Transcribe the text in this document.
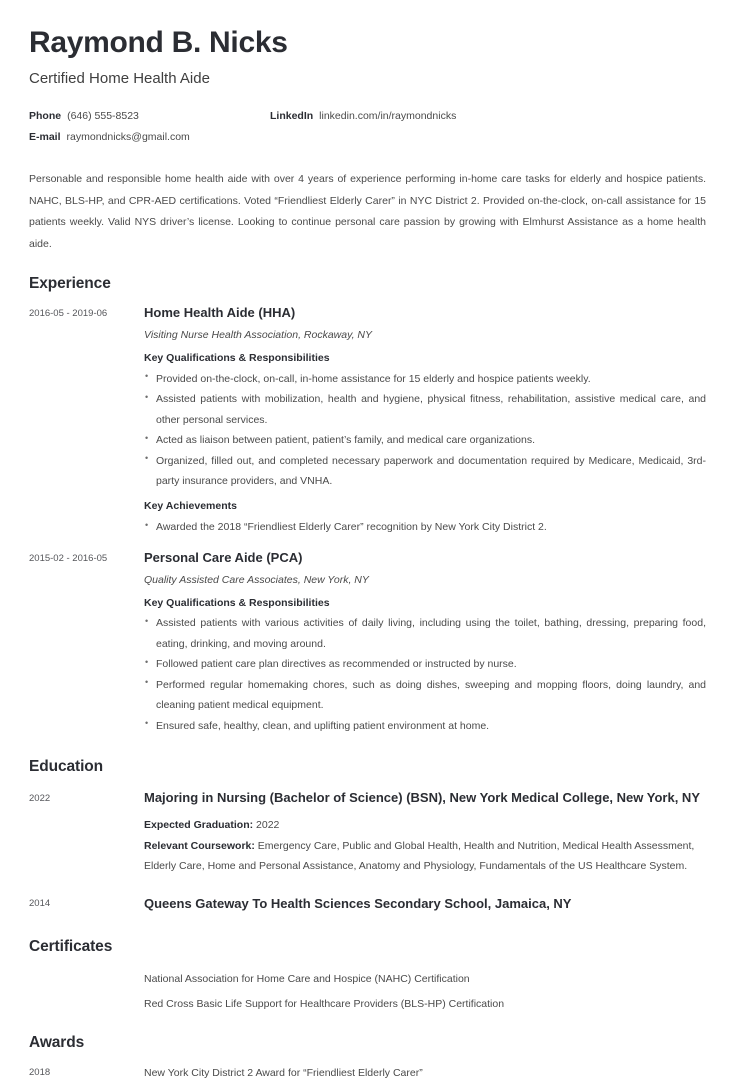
Raymond B. Nicks
Certified Home Health Aide
Phone (646) 555-8523	LinkedIn linkedin.com/in/raymondnicks
E-mail raymondnicks@gmail.com

Personable and responsible home health aide with over 4 years of experience performing in-home care tasks for elderly and hospice patients. NAHC, BLS-HP, and CPR-AED certifications. Voted “Friendliest Elderly Carer” in NYC District 2. Provided on-the-clock, on-call assistance for 15 patients weekly. Valid NYS driver’s license. Looking to continue personal care passion by growing with Elmhurst Assistance as a home health aide.

Experience
2016-05 - 2019-06	Home Health Aide (HHA)
Visiting Nurse Health Association, Rockaway, NY
Key Qualifications & Responsibilities
• Provided on-the-clock, on-call, in-home assistance for 15 elderly and hospice patients weekly.
• Assisted patients with mobilization, health and hygiene, physical fitness, rehabilitation, assistive medical care, and other personal services.
• Acted as liaison between patient, patient’s family, and medical care organizations.
• Organized, filled out, and completed necessary paperwork and documentation required by Medicare, Medicaid, 3rd-party insurance providers, and VNHA.
Key Achievements
• Awarded the 2018 “Friendliest Elderly Carer” recognition by New York City District 2.
2015-02 - 2016-05	Personal Care Aide (PCA)
Quality Assisted Care Associates, New York, NY
Key Qualifications & Responsibilities
• Assisted patients with various activities of daily living, including using the toilet, bathing, dressing, preparing food, eating, drinking, and moving around.
• Followed patient care plan directives as recommended or instructed by nurse.
• Performed regular homemaking chores, such as doing dishes, sweeping and mopping floors, doing laundry, and cleaning patient medical equipment.
• Ensured safe, healthy, clean, and uplifting patient environment at home.
Education
2022	Majoring in Nursing (Bachelor of Science) (BSN), New York Medical College, New York, NY

Expected Graduation: 2022

Relevant Coursework: Emergency Care, Public and Global Health, Health and Nutrition, Medical Health Assessment, Elderly Care, Home and Personal Assistance, Anatomy and Physiology, Fundamentals of the US Healthcare System.

2014	Queens Gateway To Health Sciences Secondary School, Jamaica, NY
Certificates
National Association for Home Care and Hospice (NAHC) Certification
Red Cross Basic Life Support for Healthcare Providers (BLS-HP) Certification
Awards
2018	New York City District 2 Award for “Friendliest Elderly Carer”
